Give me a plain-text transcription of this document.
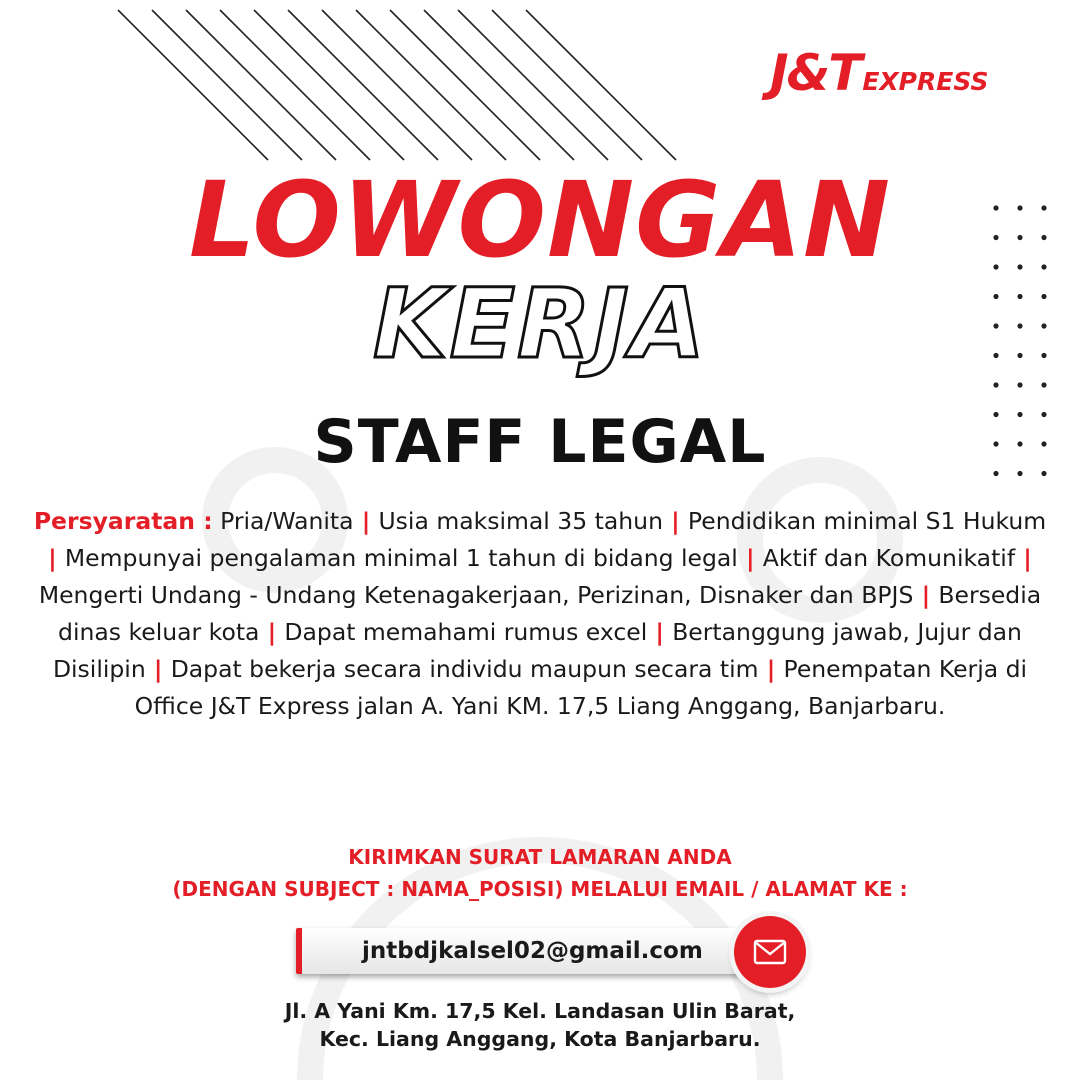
J&T EXPRESS
LOWONGAN
KERJA
STAFF LEGAL
Persyaratan : Pria/Wanita | Usia maksimal 35 tahun | Pendidikan minimal S1 Hukum | Mempunyai pengalaman minimal 1 tahun di bidang legal | Aktif dan Komunikatif | Mengerti Undang - Undang Ketenagakerjaan, Perizinan, Disnaker dan BPJS | Bersedia dinas keluar kota | Dapat memahami rumus excel | Bertanggung jawab, Jujur dan Disilipin | Dapat bekerja secara individu maupun secara tim | Penempatan Kerja di Office J&T Express jalan A. Yani KM. 17,5 Liang Anggang, Banjarbaru.
KIRIMKAN SURAT LAMARAN ANDA
(DENGAN SUBJECT : NAMA_POSISI) MELALUI EMAIL / ALAMAT KE :
jntbdjkalsel02@gmail.com
Jl. A Yani Km. 17,5 Kel. Landasan Ulin Barat,
Kec. Liang Anggang, Kota Banjarbaru.
